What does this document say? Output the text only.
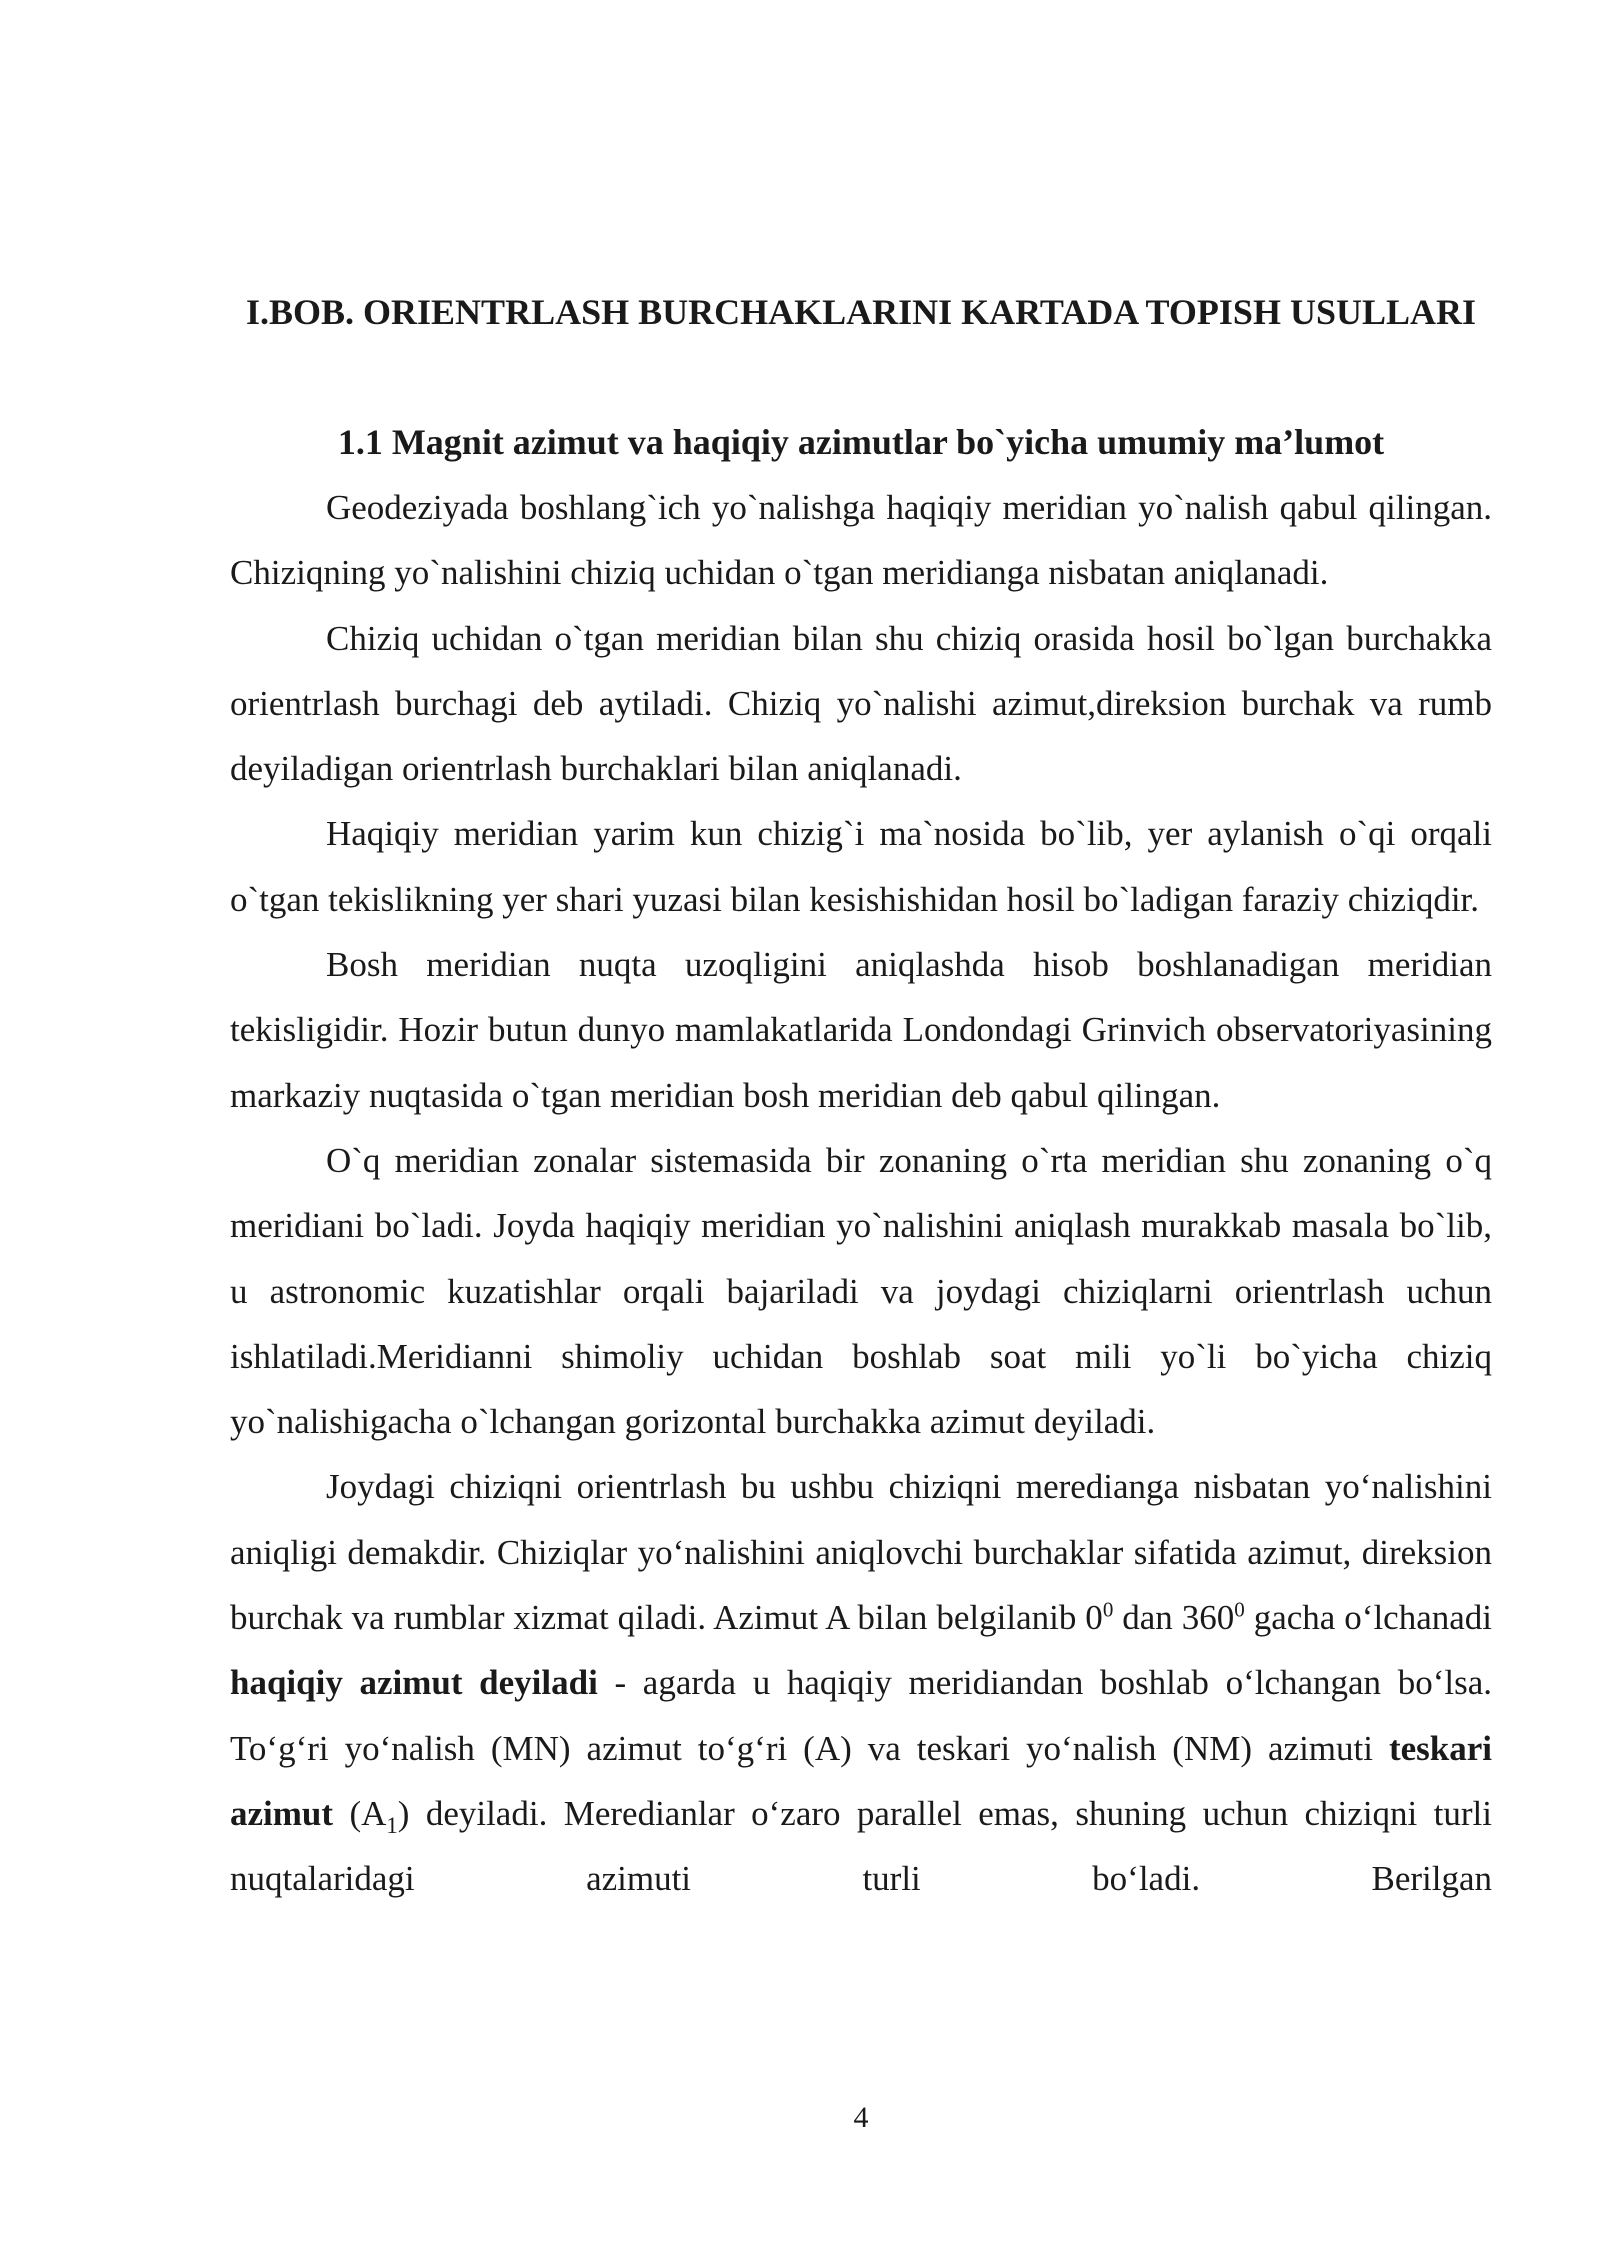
I.BOB. ORIENTRLASH BURCHAKLARINI KARTADA TOPISH USULLARI
1.1 Magnit azimut va haqiqiy azimutlar bo`yicha umumiy ma’lumot

Geodeziyada boshlang`ich yo`nalishga haqiqiy meridian yo`nalish qabul qilingan. Chiziqning yo`nalishini chiziq uchidan o`tgan meridianga nisbatan aniqlanadi.

Chiziq uchidan o`tgan meridian bilan shu chiziq orasida hosil bo`lgan burchakka orientrlash burchagi deb aytiladi. Chiziq yo`nalishi azimut,direksion burchak va rumb deyiladigan orientrlash burchaklari bilan aniqlanadi.

Haqiqiy meridian yarim kun chizig`i ma`nosida bo`lib, yer aylanish o`qi orqali o`tgan tekislikning yer shari yuzasi bilan kesishishidan hosil bo`ladigan faraziy chiziqdir.

Bosh meridian nuqta uzoqligini aniqlashda hisob boshlanadigan meridian tekisligidir. Hozir butun dunyo mamlakatlarida Londondagi Grinvich observatoriyasining markaziy nuqtasida o`tgan meridian bosh meridian deb qabul qilingan.

O`q meridian zonalar sistemasida bir zonaning o`rta meridian shu zonaning o`q meridiani bo`ladi. Joyda haqiqiy meridian yo`nalishini aniqlash murakkab masala bo`lib, u astronomic kuzatishlar orqali bajariladi va joydagi chiziqlarni orientrlash uchun ishlatiladi.Meridianni shimoliy uchidan boshlab soat mili yo`li bo`yicha chiziq yo`nalishigacha o`lchangan gorizontal burchakka azimut deyiladi.

Joydagi chiziqni orientrlash bu ushbu chiziqni meredianga nisbatan yo‘nalishini aniqligi demakdir. Chiziqlar yo‘nalishini aniqlovchi burchaklar sifatida azimut, direksion burchak va rumblar xizmat qiladi. Azimut A bilan belgilanib $0^0$ dan $360^0$ gacha o‘lchanadi haqiqiy azimut deyiladi - agarda u haqiqiy meridiandan boshlab o‘lchangan bo‘lsa. To‘g‘ri yo‘nalish (MN) azimut to‘g‘ri (A) va teskari yo‘nalish (NM) azimuti teskari azimut $(A_1)$ deyiladi. Meredianlar o‘zaro parallel emas, shuning uchun chiziqni turli nuqtalaridagi azimuti turli bo‘ladi. Berilgan

4
